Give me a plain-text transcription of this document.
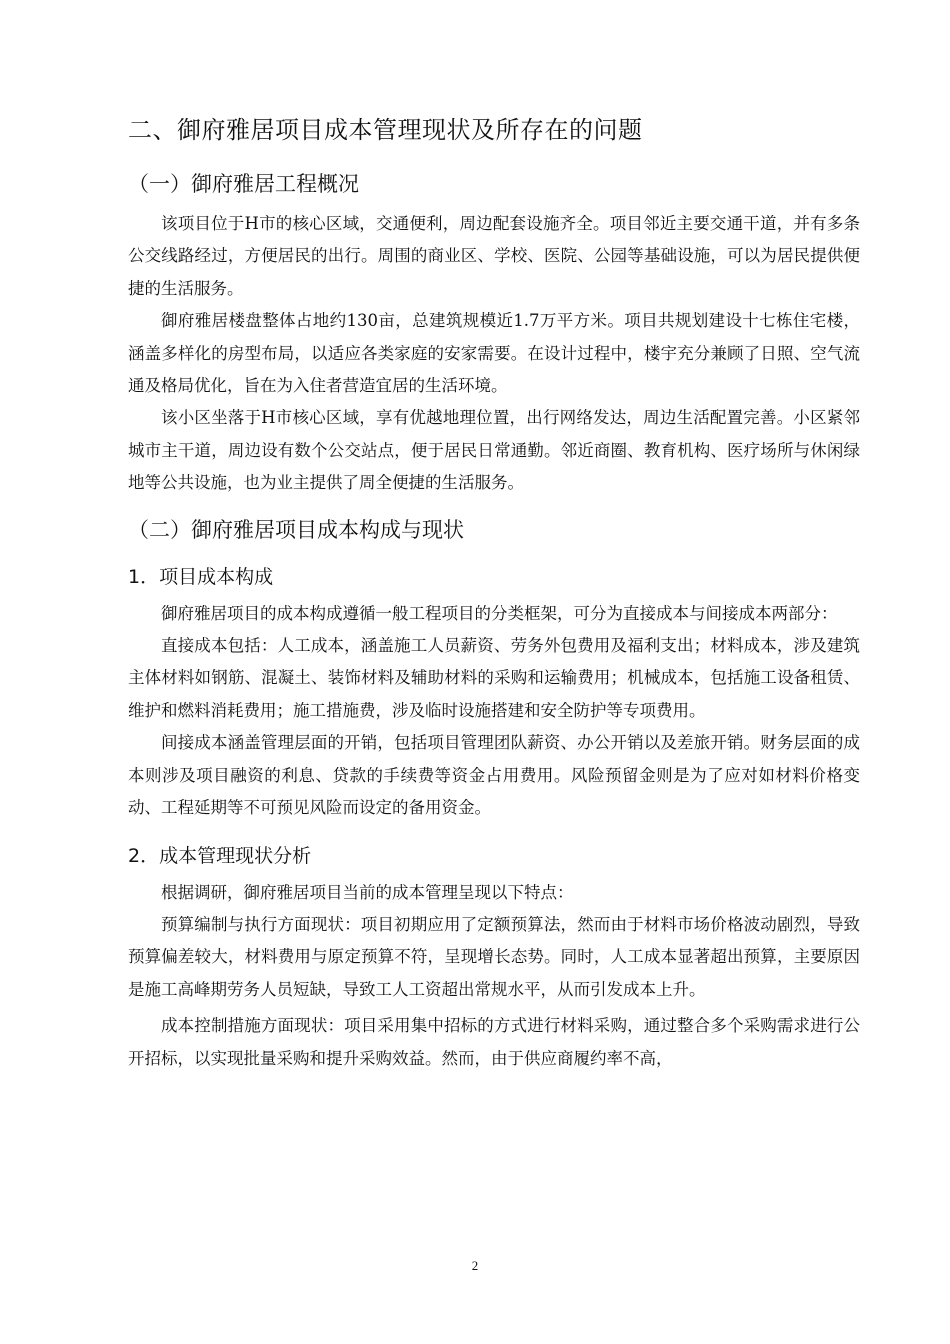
二、御府雅居项目成本管理现状及所存在的问题
（一）御府雅居工程概况

该项目位于H市的核心区域，交通便利，周边配套设施齐全。项目邻近主要交通干道，并有多条公交线路经过，方便居民的出行。周围的商业区、学校、医院、公园等基础设施，可以为居民提供便捷的生活服务。

御府雅居楼盘整体占地约130亩，总建筑规模近1.7万平方米。项目共规划建设十七栋住宅楼，涵盖多样化的房型布局，以适应各类家庭的安家需要。在设计过程中，楼宇充分兼顾了日照、空气流通及格局优化，旨在为入住者营造宜居的生活环境。

该小区坐落于H市核心区域，享有优越地理位置，出行网络发达，周边生活配置完善。小区紧邻城市主干道，周边设有数个公交站点，便于居民日常通勤。邻近商圈、教育机构、医疗场所与休闲绿地等公共设施，也为业主提供了周全便捷的生活服务。

（二）御府雅居项目成本构成与现状
1．项目成本构成

御府雅居项目的成本构成遵循一般工程项目的分类框架，可分为直接成本与间接成本两部分：

直接成本包括：人工成本，涵盖施工人员薪资、劳务外包费用及福利支出；材料成本，涉及建筑主体材料如钢筋、混凝土、装饰材料及辅助材料的采购和运输费用；机械成本，包括施工设备租赁、维护和燃料消耗费用；施工措施费，涉及临时设施搭建和安全防护等专项费用。

间接成本涵盖管理层面的开销，包括项目管理团队薪资、办公开销以及差旅开销。财务层面的成本则涉及项目融资的利息、贷款的手续费等资金占用费用。风险预留金则是为了应对如材料价格变动、工程延期等不可预见风险而设定的备用资金。

2．成本管理现状分析

根据调研，御府雅居项目当前的成本管理呈现以下特点：

预算编制与执行方面现状：项目初期应用了定额预算法，然而由于材料市场价格波动剧烈，导致预算偏差较大，材料费用与原定预算不符，呈现增长态势。同时，人工成本显著超出预算，主要原因是施工高峰期劳务人员短缺，导致工人工资超出常规水平，从而引发成本上升。

成本控制措施方面现状：项目采用集中招标的方式进行材料采购，通过整合多个采购需求进行公开招标，以实现批量采购和提升采购效益。然而，由于供应商履约率不高，

2
